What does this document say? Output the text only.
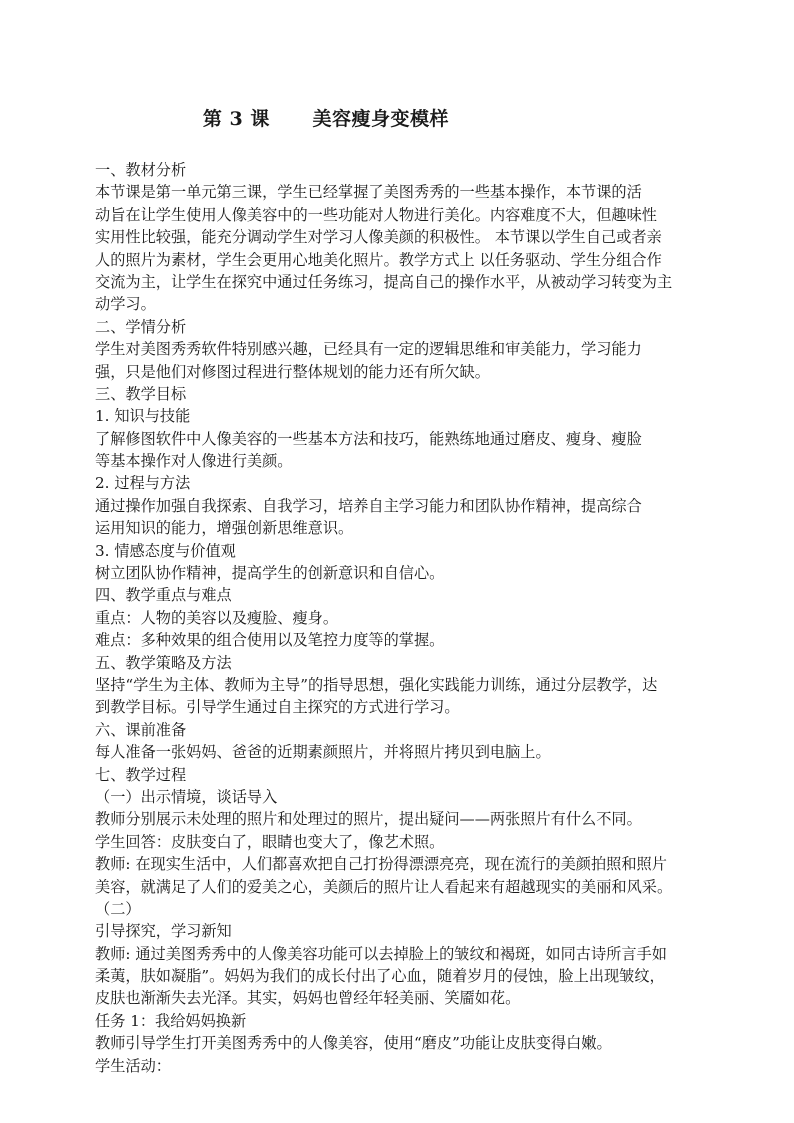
第 3 课      美容瘦身变模样
一、教材分析
本节课是第一单元第三课，学生已经掌握了美图秀秀的一些基本操作，本节课的活
动旨在让学生使用人像美容中的一些功能对人物进行美化。内容难度不大，但趣味性
实用性比较强，能充分调动学生对学习人像美颜的积极性。 本节课以学生自己或者亲
人的照片为素材，学生会更用心地美化照片。教学方式上 以任务驱动、学生分组合作
交流为主，让学生在探究中通过任务练习，提高自己的操作水平，从被动学习转变为主
动学习。
二、学情分析
学生对美图秀秀软件特别感兴趣，已经具有一定的逻辑思维和审美能力，学习能力
强，只是他们对修图过程进行整体规划的能力还有所欠缺。
三、教学目标
1. 知识与技能
了解修图软件中人像美容的一些基本方法和技巧，能熟练地通过磨皮、瘦身、瘦脸
等基本操作对人像进行美颜。
2. 过程与方法
通过操作加强自我探索、自我学习，培养自主学习能力和团队协作精神，提高综合
运用知识的能力，增强创新思维意识。
3. 情感态度与价值观
树立团队协作精神，提高学生的创新意识和自信心。
四、教学重点与难点
重点：人物的美容以及瘦脸、瘦身。
难点：多种效果的组合使用以及笔控力度等的掌握。
五、教学策略及方法
坚持“学生为主体、教师为主导”的指导思想，强化实践能力训练，通过分层教学，达
到教学目标。引导学生通过自主探究的方式进行学习。
六、课前准备
每人准备一张妈妈、爸爸的近期素颜照片，并将照片拷贝到电脑上。
七、教学过程
（一）出示情境，谈话导入
教师分别展示未处理的照片和处理过的照片，提出疑问——两张照片有什么不同。
学生回答：皮肤变白了，眼睛也变大了，像艺术照。
教师: 在现实生活中，人们都喜欢把自己打扮得漂漂亮亮，现在流行的美颜拍照和照片
美容，就满足了人们的爱美之心，美颜后的照片让人看起来有超越现实的美丽和风采。
（二）
引导探究，学习新知
教师: 通过美图秀秀中的人像美容功能可以去掉脸上的皱纹和褐斑，如同古诗所言手如
柔荑，肤如凝脂”。妈妈为我们的成长付出了心血，随着岁月的侵蚀，脸上出现皱纹，
皮肤也渐渐失去光泽。其实，妈妈也曾经年轻美丽、笑靥如花。
任务 1：我给妈妈换新
教师引导学生打开美图秀秀中的人像美容，使用“磨皮”功能让皮肤变得白嫩。
学生活动：
